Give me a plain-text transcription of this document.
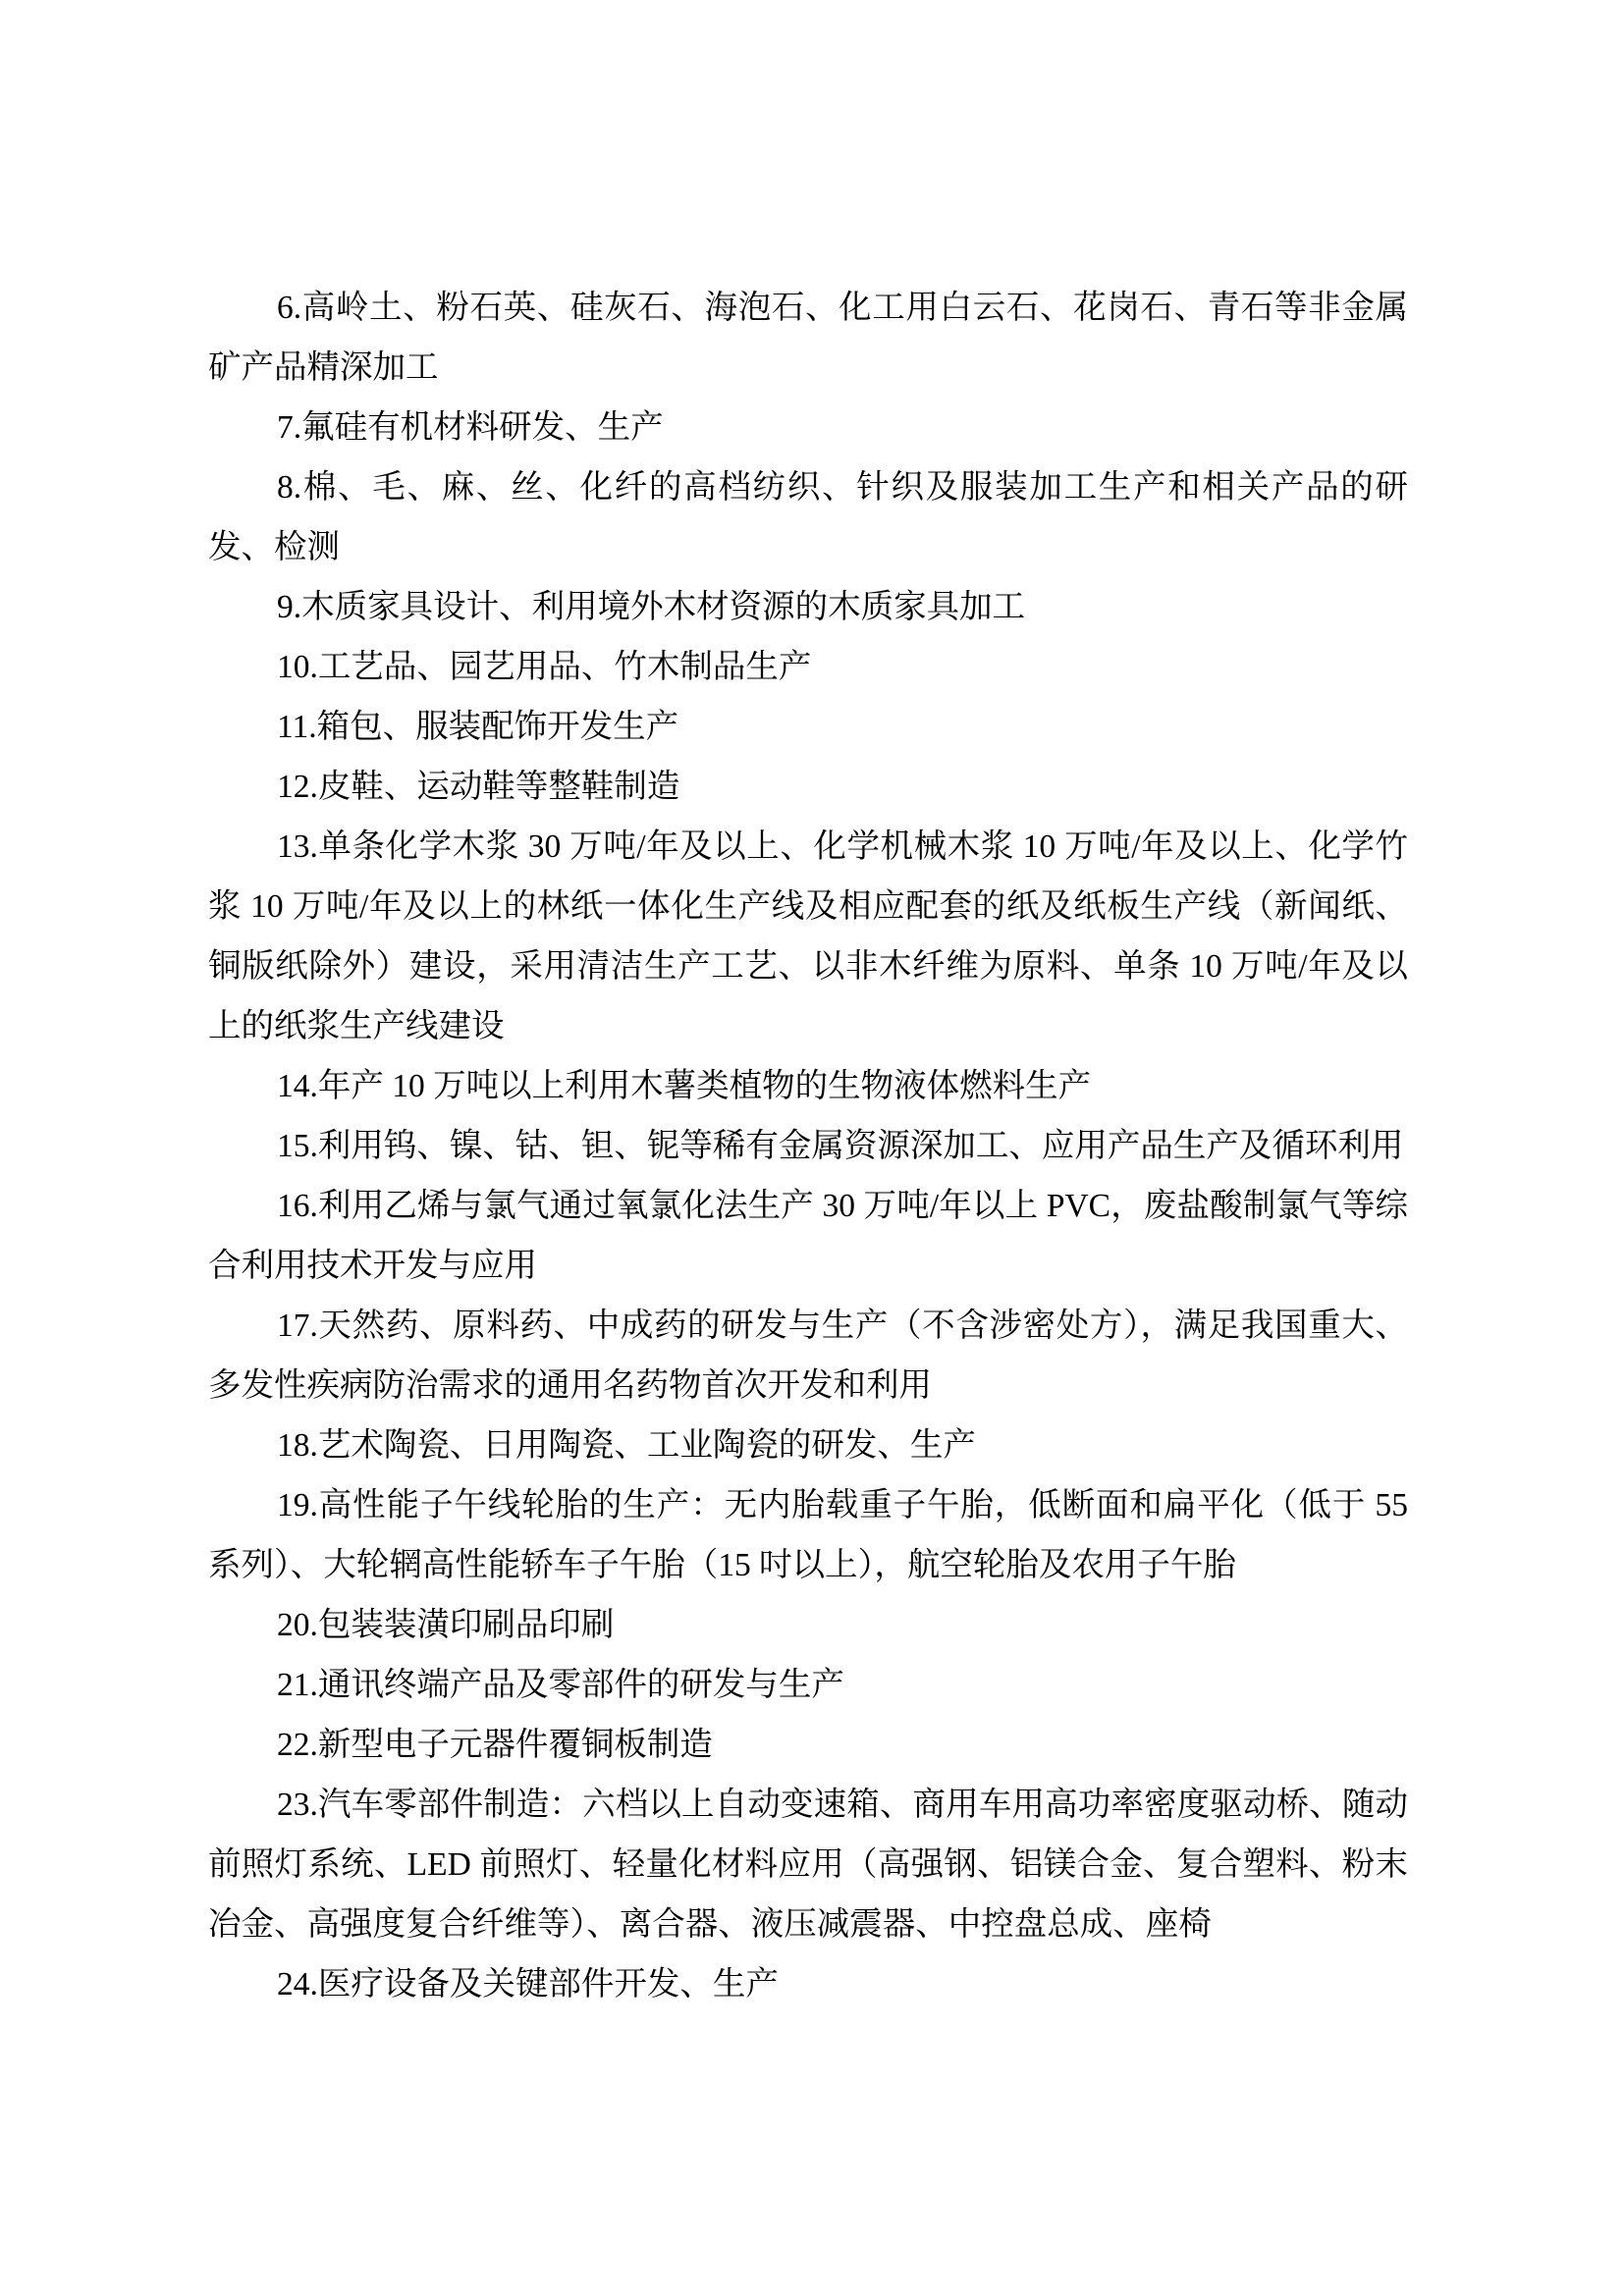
6.高岭土、粉石英、硅灰石、海泡石、化工用白云石、花岗石、青石等非金属矿产品精深加工

7.氟硅有机材料研发、生产

8.棉、毛、麻、丝、化纤的高档纺织、针织及服装加工生产和相关产品的研发、检测

9.木质家具设计、利用境外木材资源的木质家具加工

10.工艺品、园艺用品、竹木制品生产

11.箱包、服装配饰开发生产

12.皮鞋、运动鞋等整鞋制造

13.单条化学木浆 30 万吨/年及以上、化学机械木浆 10 万吨/年及以上、化学竹浆 10 万吨/年及以上的林纸一体化生产线及相应配套的纸及纸板生产线（新闻纸、铜版纸除外）建设，采用清洁生产工艺、以非木纤维为原料、单条 10 万吨/年及以上的纸浆生产线建设

14.年产 10 万吨以上利用木薯类植物的生物液体燃料生产

15.利用钨、镍、钴、钽、铌等稀有金属资源深加工、应用产品生产及循环利用

16.利用乙烯与氯气通过氧氯化法生产 30 万吨/年以上 PVC，废盐酸制氯气等综合利用技术开发与应用

17.天然药、原料药、中成药的研发与生产（不含涉密处方），满足我国重大、多发性疾病防治需求的通用名药物首次开发和利用

18.艺术陶瓷、日用陶瓷、工业陶瓷的研发、生产

19.高性能子午线轮胎的生产：无内胎载重子午胎，低断面和扁平化（低于 55 系列）、大轮辋高性能轿车子午胎（15 吋以上），航空轮胎及农用子午胎

20.包装装潢印刷品印刷

21.通讯终端产品及零部件的研发与生产

22.新型电子元器件覆铜板制造

23.汽车零部件制造：六档以上自动变速箱、商用车用高功率密度驱动桥、随动前照灯系统、LED 前照灯、轻量化材料应用（高强钢、铝镁合金、复合塑料、粉末冶金、高强度复合纤维等）、离合器、液压减震器、中控盘总成、座椅

24.医疗设备及关键部件开发、生产
